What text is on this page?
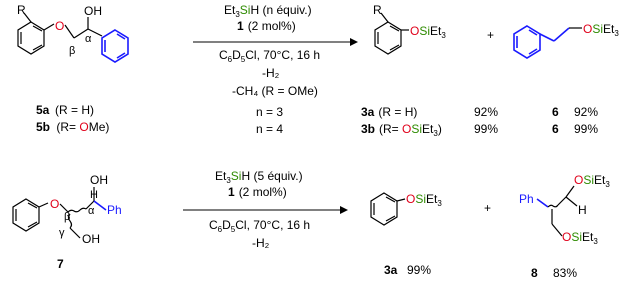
R
O
OH
α
β
5a (R = H)
5b (R= OMe)
$Et_3SiH$ (n équiv.)
1 (2 mol%)
$C_6D_5Cl$, 70°C, 16 h
-H₂
-CH₄ (R = OMe)
n = 3
n = 4
R
OSiEt$_3$	+	OSiEt$_3$
3a (R = H)	92%
3b (R= OSiEt$_3$)	99%
6 92%
6 99%
O
OH
H
Ph
α
β
γ OH
7
$Et_3SiH$ (5 équiv.)
1 (2 mol%)
$C_6D_5Cl$, 70°C, 16 h
-H₂
OSiEt$_3$	+
Ph
OSiEt$_3$
H
OSiEt$_3$
3a 99%	8 83%
